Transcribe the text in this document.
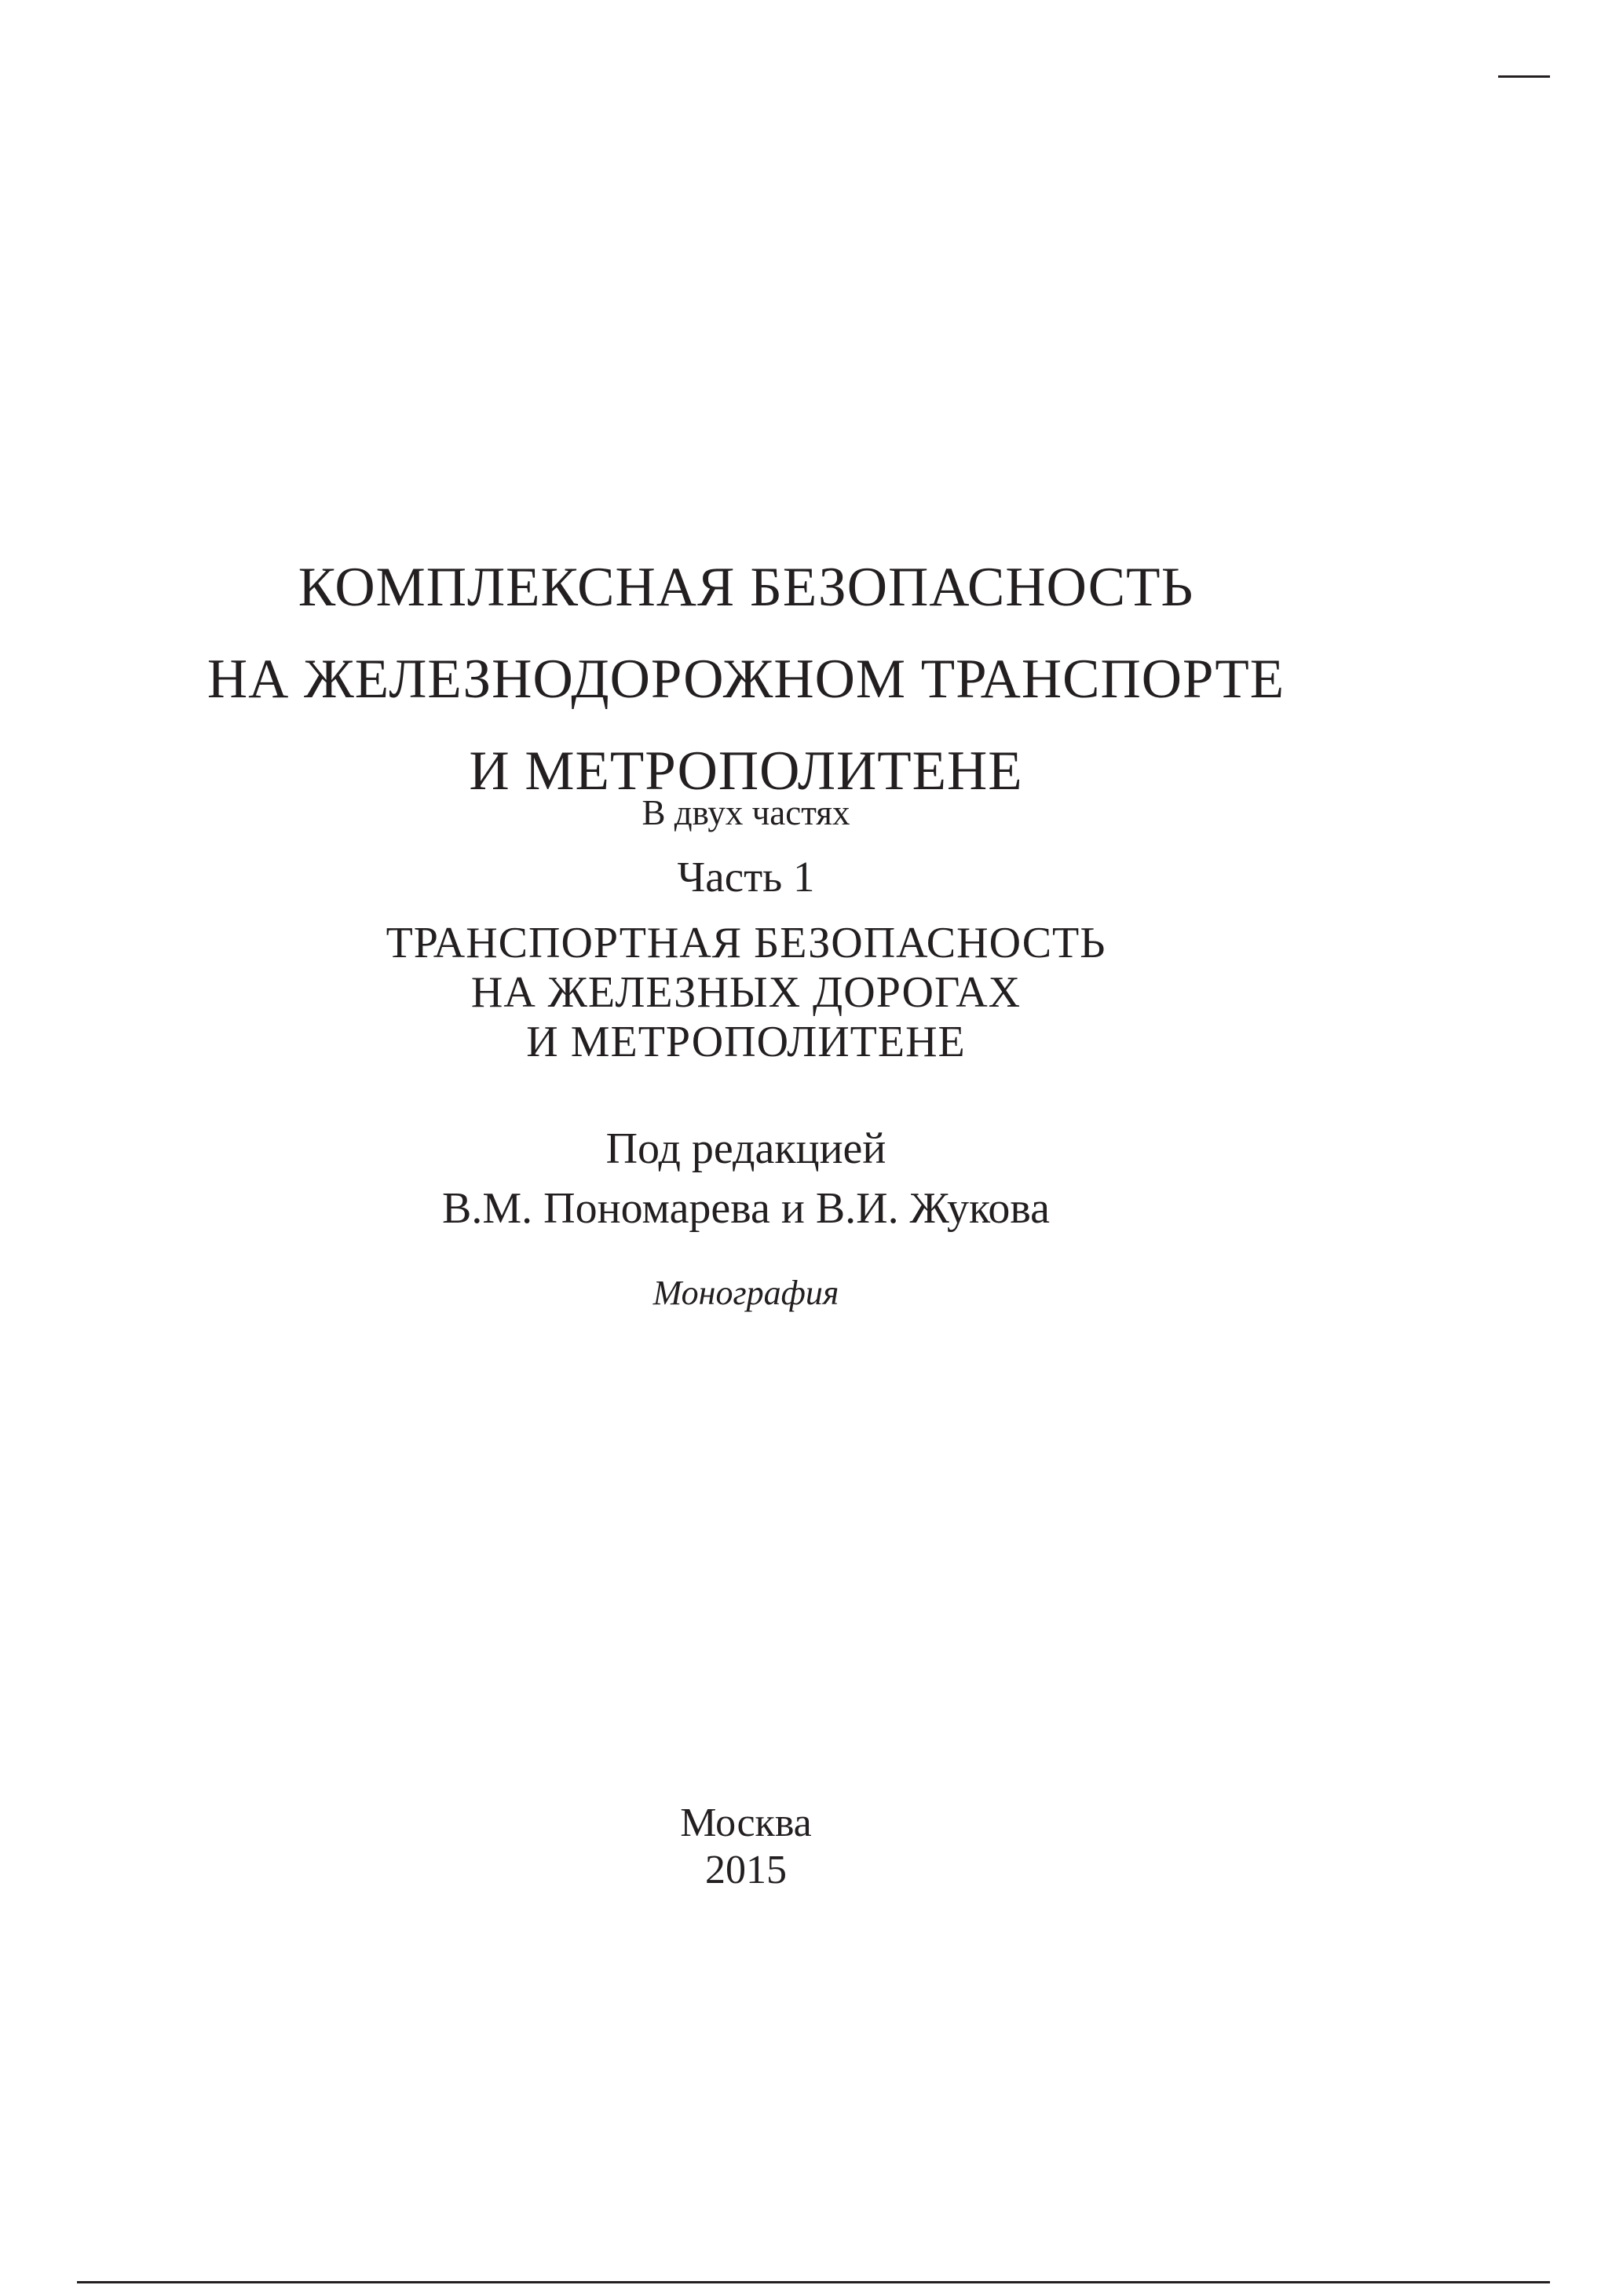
КОМПЛЕКСНАЯ БЕЗОПАСНОСТЬ
НА ЖЕЛЕЗНОДОРОЖНОМ ТРАНСПОРТЕ
И МЕТРОПОЛИТЕНЕ
В двух частях
Часть 1
ТРАНСПОРТНАЯ БЕЗОПАСНОСТЬ
НА ЖЕЛЕЗНЫХ ДОРОГАХ
И МЕТРОПОЛИТЕНЕ
Под редакцией
В.М. Пономарева и В.И. Жукова
Монография
Москва
2015
